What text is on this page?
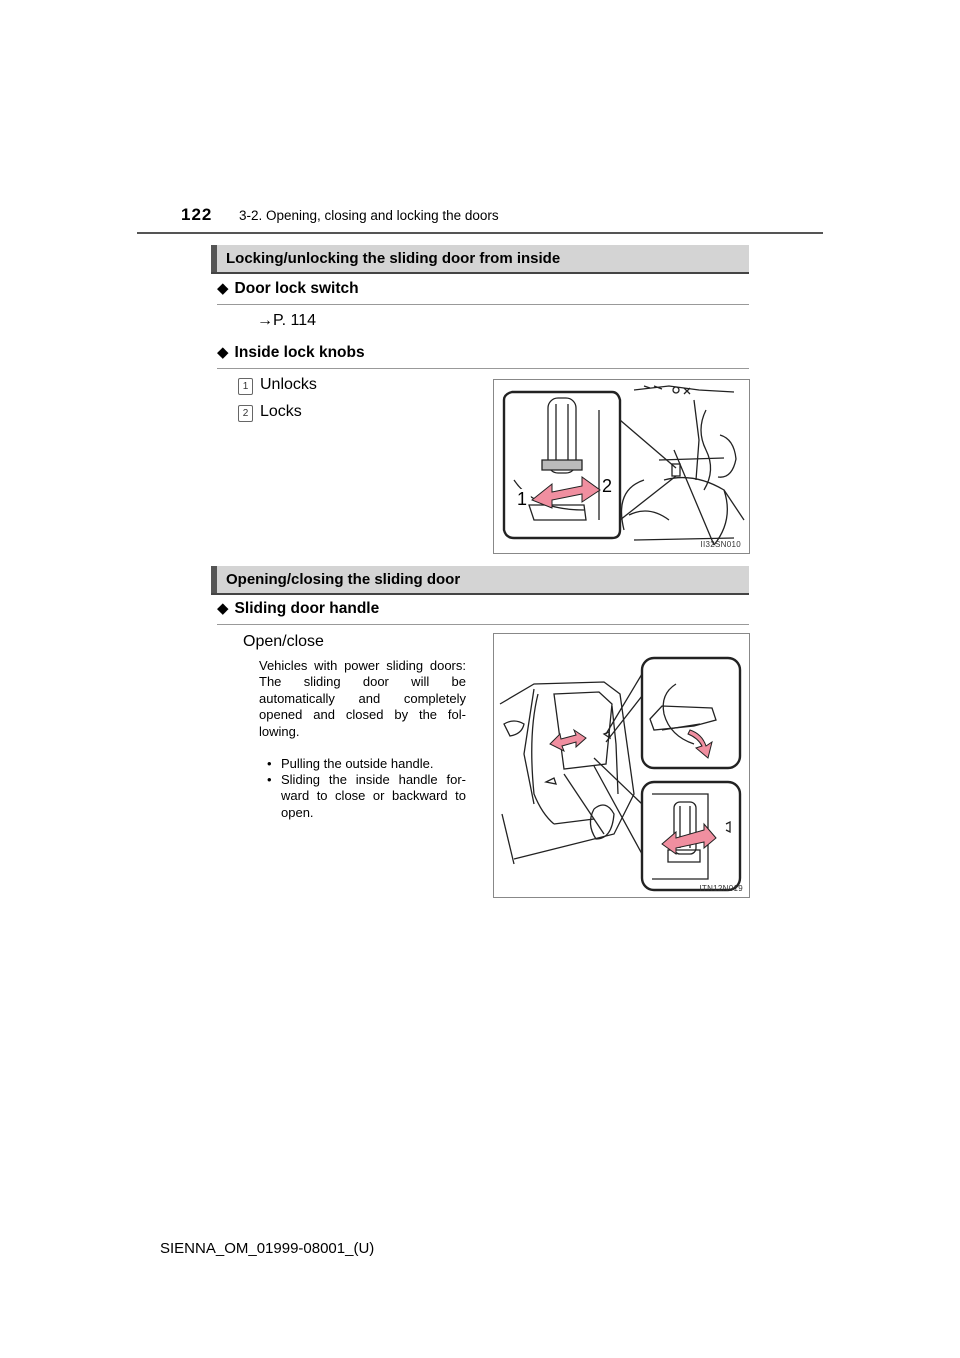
122 3-2. Opening, closing and locking the doors
Locking/unlocking the sliding door from inside
◆ Door lock switch
→P. 114
◆ Inside lock knobs
1 Unlocks
2 Locks
1
2
II32SN010
Opening/closing the sliding door
◆ Sliding door handle
Open/close
Vehicles with power sliding doors: The sliding door will be automatically and completely opened and closed by the fol-lowing.
• Pulling the outside handle.
• Sliding the inside handle for-ward to close or backward to open.
ITN12N019
SIENNA_OM_01999-08001_(U)
